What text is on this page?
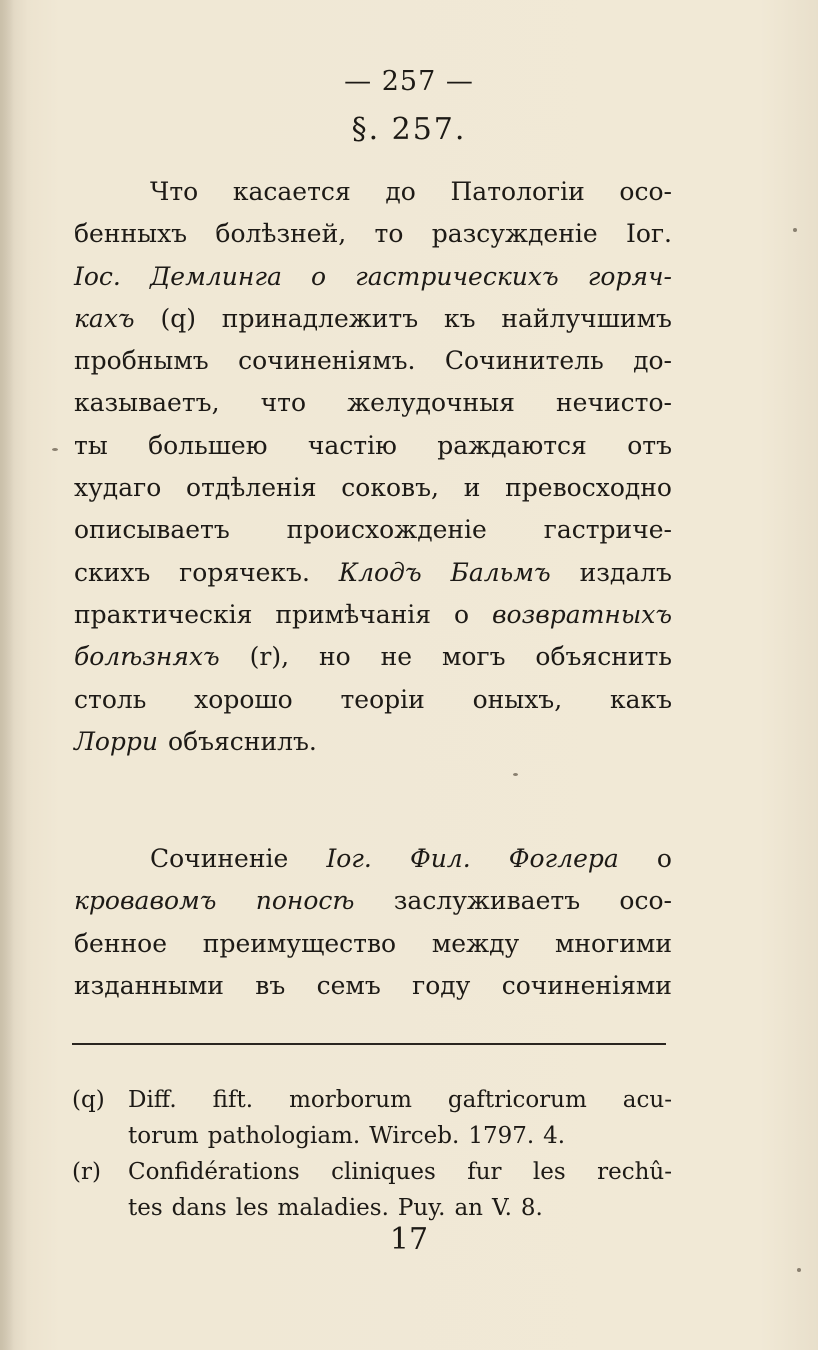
— 257 —
§. 257.
Что касается до Патологіи осо-
бенныхъ болѣзней, то разсужденіе Іог.
Іос. Демлинга о гастрическихъ горяч-
кахъ (q) принадлежитъ къ найлучшимъ
пробнымъ сочиненіямъ. Сочинитель до-
казываетъ, что желудочныя нечисто-
ты большею частію раждаются отъ
худаго отдѣленія соковъ, и превосходно
описываетъ происхожденіе гастриче-
скихъ горячекъ. Клодъ Бальмъ издалъ
практическія примѣчанія о возвратныхъ
болѣзняхъ (r), но не могъ объяснить
столь хорошо теоріи оныхъ, какъ
Лорри объяснилъ.
Сочиненіе Іог. Фил. Фоглера о
кровавомъ поносѣ заслуживаетъ осо-
бенное преимущество между многими
изданными въ семъ году сочиненіями
(q)	Diff. fift. morborum gaftricorum acu-
torum pathologiam. Wirceb. 1797. 4.
(r)	Confidérations cliniques fur les rechû-
tes dans les maladies. Puy. an V. 8.
17
